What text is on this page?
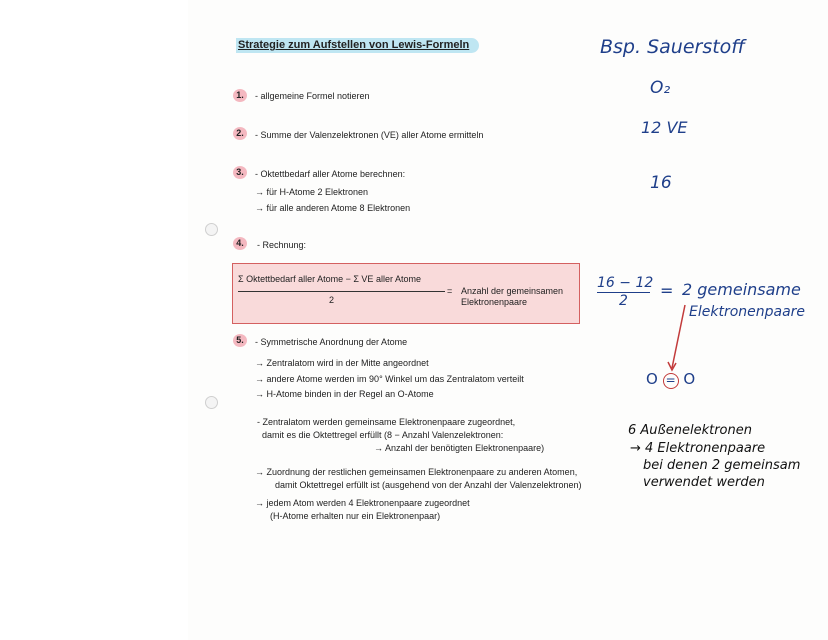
Strategie zum Aufstellen von Lewis-Formeln
1.	- allgemeine Formel notieren
2.	- Summe der Valenzelektronen (VE) aller Atome ermitteln
3.	- Oktettbedarf aller Atome berechnen:
→ für H-Atome 2 Elektronen
→ für alle anderen Atome 8 Elektronen
4.	- Rechnung:
Σ Oktettbedarf aller Atome − Σ VE aller Atome
2
= Anzahl der gemeinsamen
Elektronenpaare
5.	- Symmetrische Anordnung der Atome
→ Zentralatom wird in der Mitte angeordnet
→ andere Atome werden im 90° Winkel um das Zentralatom verteilt
→ H-Atome binden in der Regel an O-Atome
- Zentralatom werden gemeinsame Elektronenpaare zugeordnet,
damit es die Oktettregel erfüllt (8 − Anzahl Valenzelektronen:
→ Anzahl der benötigten Elektronenpaare)
→ Zuordnung der restlichen gemeinsamen Elektronenpaare zu anderen Atomen,
damit Oktettregel erfüllt ist (ausgehend von der Anzahl der Valenzelektronen)
→ jedem Atom werden 4 Elektronenpaare zugeordnet
(H-Atome erhalten nur ein Elektronenpaar)
Bsp. Sauerstoff
O₂
12 VE
16
16 − 12
2
= 2 gemeinsame
Elektronenpaare
O = O
6 Außenelektronen
→ 4 Elektronenpaare
bei denen 2 gemeinsam
verwendet werden
